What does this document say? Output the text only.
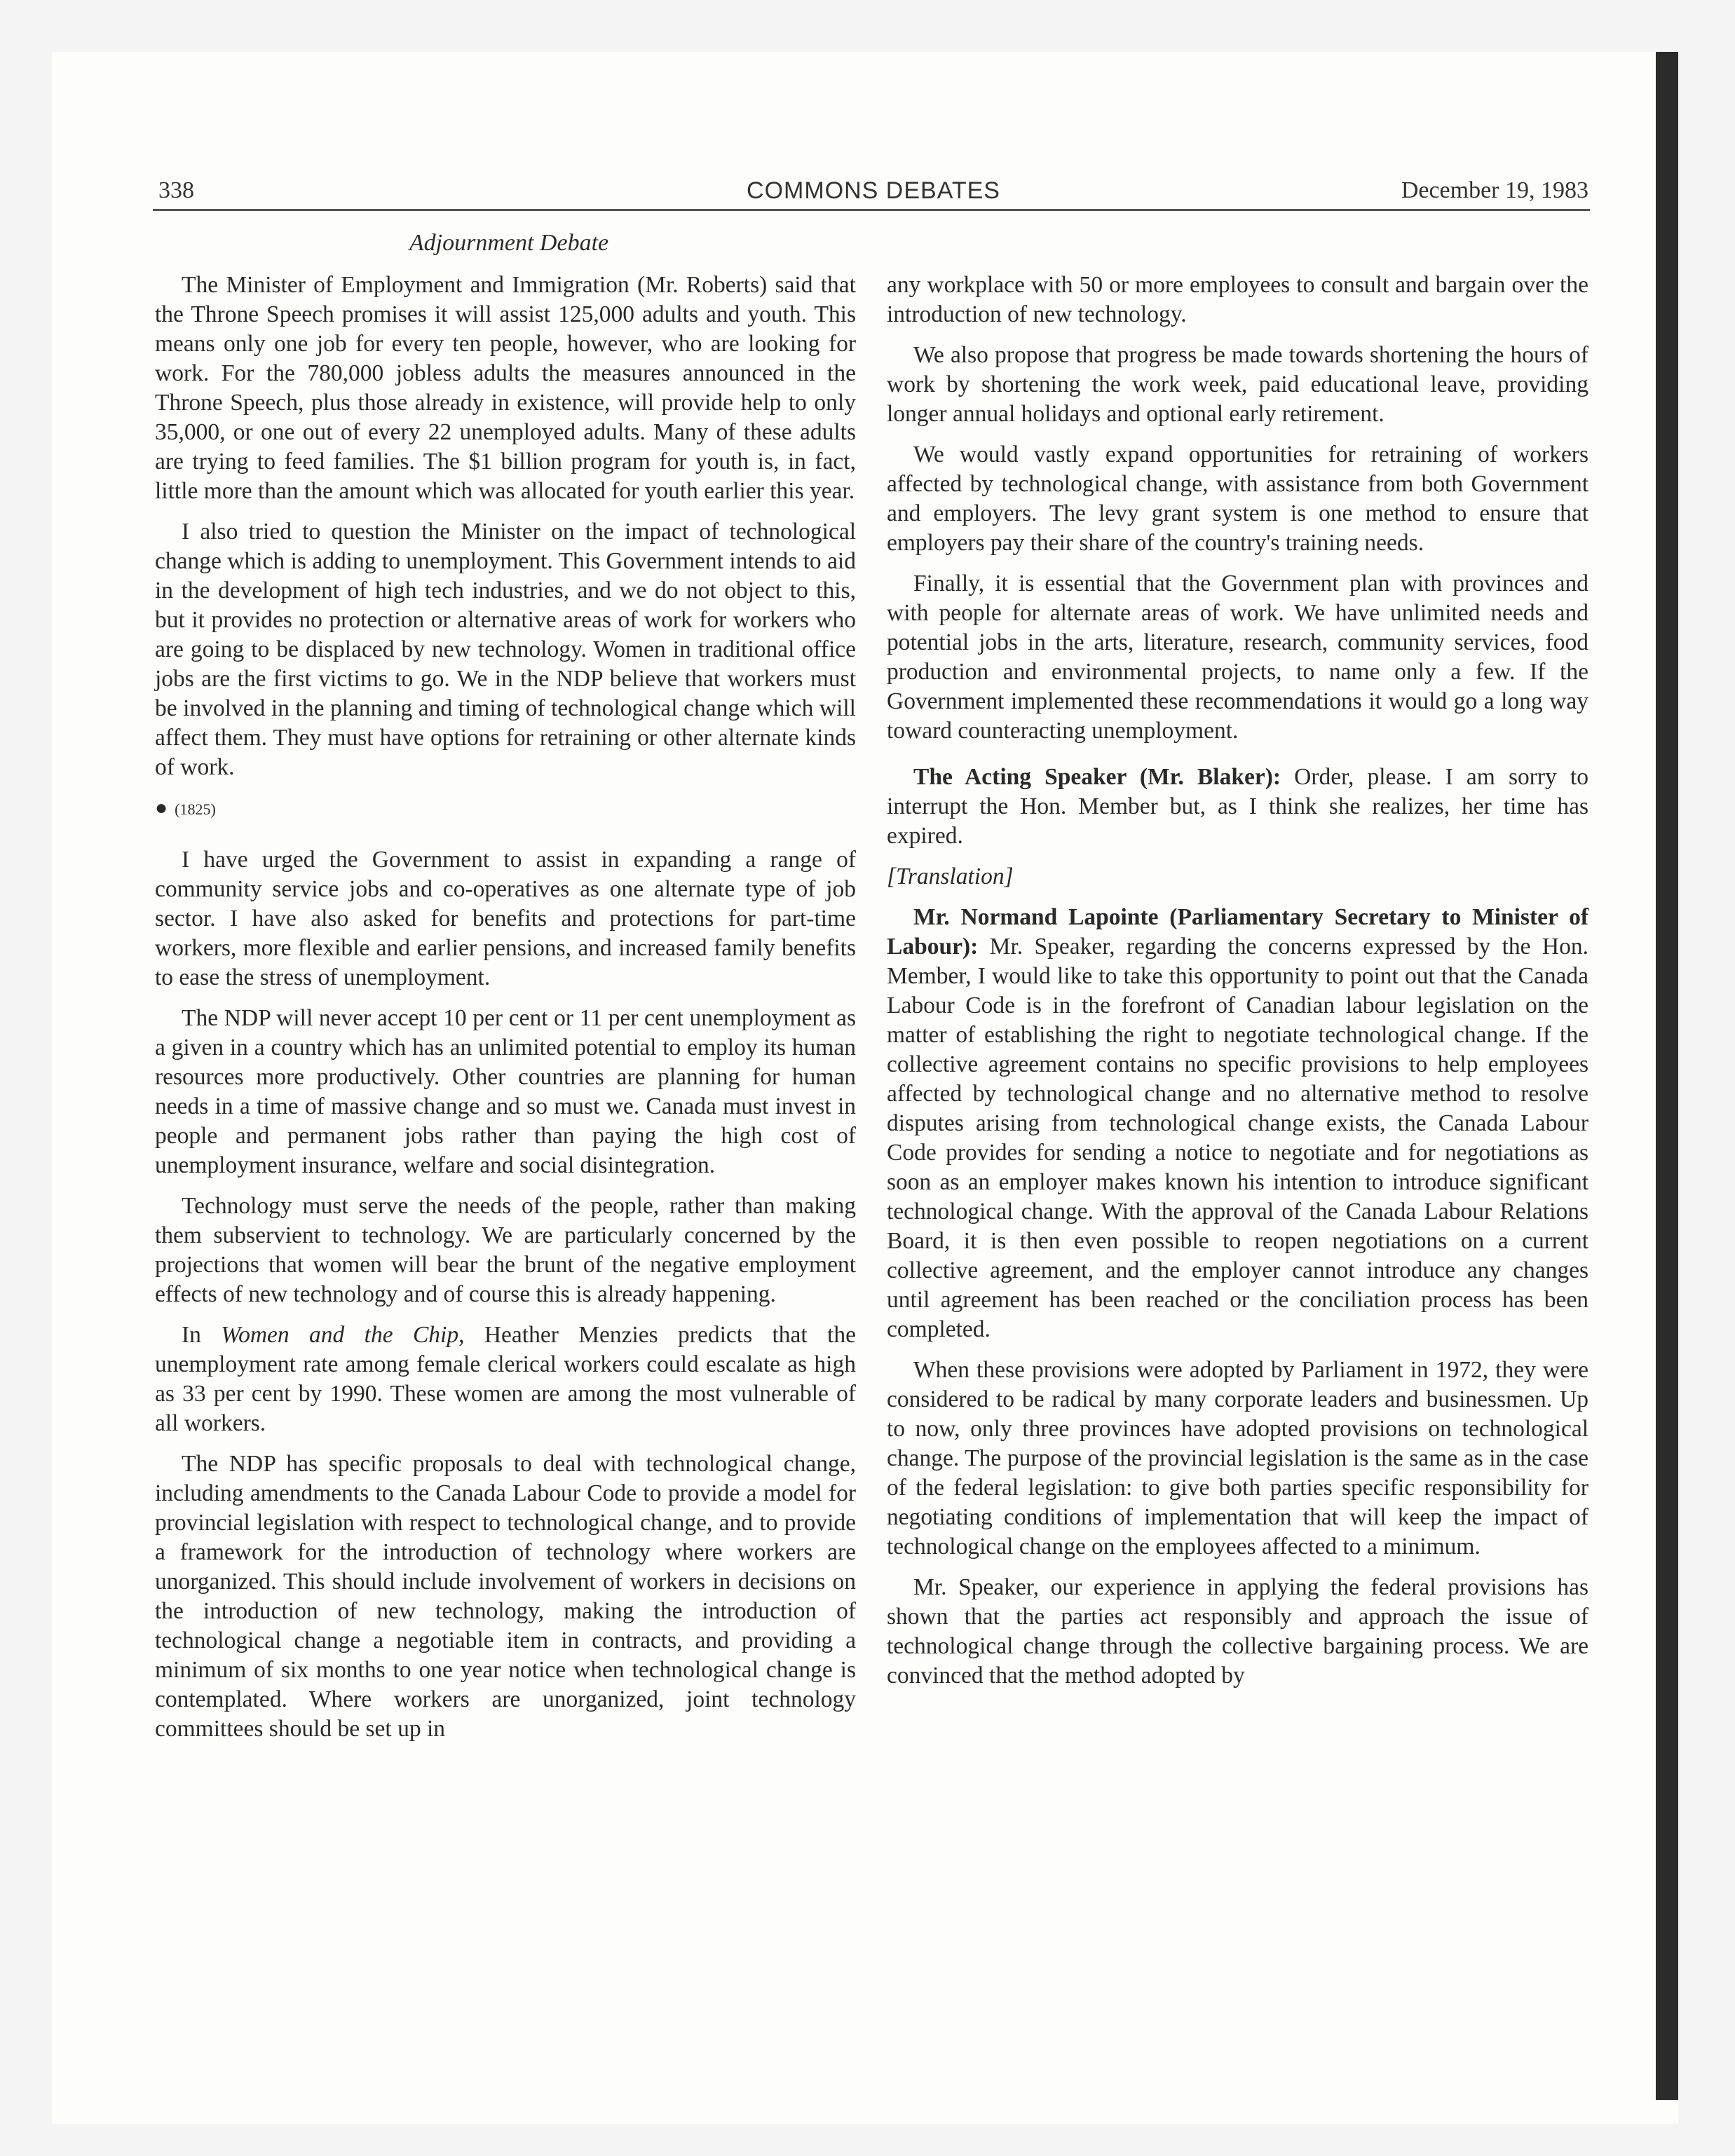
338	COMMONS DEBATES	December 19, 1983
Adjournment Debate

The Minister of Employment and Immigration (Mr. Roberts) said that the Throne Speech promises it will assist 125,000 adults and youth. This means only one job for every ten people, however, who are looking for work. For the 780,000 jobless adults the measures announced in the Throne Speech, plus those already in existence, will provide help to only 35,000, or one out of every 22 unemployed adults. Many of these adults are trying to feed families. The $1 billion program for youth is, in fact, little more than the amount which was allocated for youth earlier this year.

I also tried to question the Minister on the impact of technological change which is adding to unemployment. This Government intends to aid in the development of high tech industries, and we do not object to this, but it provides no protection or alternative areas of work for workers who are going to be displaced by new technology. Women in traditional office jobs are the first victims to go. We in the NDP believe that workers must be involved in the planning and timing of technological change which will affect them. They must have options for retraining or other alternate kinds of work.

● (1825)

I have urged the Government to assist in expanding a range of community service jobs and co-operatives as one alternate type of job sector. I have also asked for benefits and protections for part-time workers, more flexible and earlier pensions, and increased family benefits to ease the stress of unemployment.

The NDP will never accept 10 per cent or 11 per cent unemployment as a given in a country which has an unlimited potential to employ its human resources more productively. Other countries are planning for human needs in a time of massive change and so must we. Canada must invest in people and permanent jobs rather than paying the high cost of unemployment insurance, welfare and social disintegration.

Technology must serve the needs of the people, rather than making them subservient to technology. We are particularly concerned by the projections that women will bear the brunt of the negative employment effects of new technology and of course this is already happening.

In Women and the Chip, Heather Menzies predicts that the unemployment rate among female clerical workers could escalate as high as 33 per cent by 1990. These women are among the most vulnerable of all workers.

The NDP has specific proposals to deal with technological change, including amendments to the Canada Labour Code to provide a model for provincial legislation with respect to technological change, and to provide a framework for the introduction of technology where workers are unorganized. This should include involvement of workers in decisions on the introduction of new technology, making the introduction of technological change a negotiable item in contracts, and providing a minimum of six months to one year notice when technological change is contemplated. Where workers are unorganized, joint technology committees should be set up in

any workplace with 50 or more employees to consult and bargain over the introduction of new technology.

We also propose that progress be made towards shortening the hours of work by shortening the work week, paid educational leave, providing longer annual holidays and optional early retirement.

We would vastly expand opportunities for retraining of workers affected by technological change, with assistance from both Government and employers. The levy grant system is one method to ensure that employers pay their share of the country's training needs.

Finally, it is essential that the Government plan with provinces and with people for alternate areas of work. We have unlimited needs and potential jobs in the arts, literature, research, community services, food production and environmental projects, to name only a few. If the Government implemented these recommendations it would go a long way toward counteracting unemployment.

The Acting Speaker (Mr. Blaker): Order, please. I am sorry to interrupt the Hon. Member but, as I think she realizes, her time has expired.

[Translation]

Mr. Normand Lapointe (Parliamentary Secretary to Minister of Labour): Mr. Speaker, regarding the concerns expressed by the Hon. Member, I would like to take this opportunity to point out that the Canada Labour Code is in the forefront of Canadian labour legislation on the matter of establishing the right to negotiate technological change. If the collective agreement contains no specific provisions to help employees affected by technological change and no alternative method to resolve disputes arising from technological change exists, the Canada Labour Code provides for sending a notice to negotiate and for negotiations as soon as an employer makes known his intention to introduce significant technological change. With the approval of the Canada Labour Relations Board, it is then even possible to reopen negotiations on a current collective agreement, and the employer cannot introduce any changes until agreement has been reached or the conciliation process has been completed.

When these provisions were adopted by Parliament in 1972, they were considered to be radical by many corporate leaders and businessmen. Up to now, only three provinces have adopted provisions on technological change. The purpose of the provincial legislation is the same as in the case of the federal legislation: to give both parties specific responsibility for negotiating conditions of implementation that will keep the impact of technological change on the employees affected to a minimum.

Mr. Speaker, our experience in applying the federal provisions has shown that the parties act responsibly and approach the issue of technological change through the collective bargaining process. We are convinced that the method adopted by
